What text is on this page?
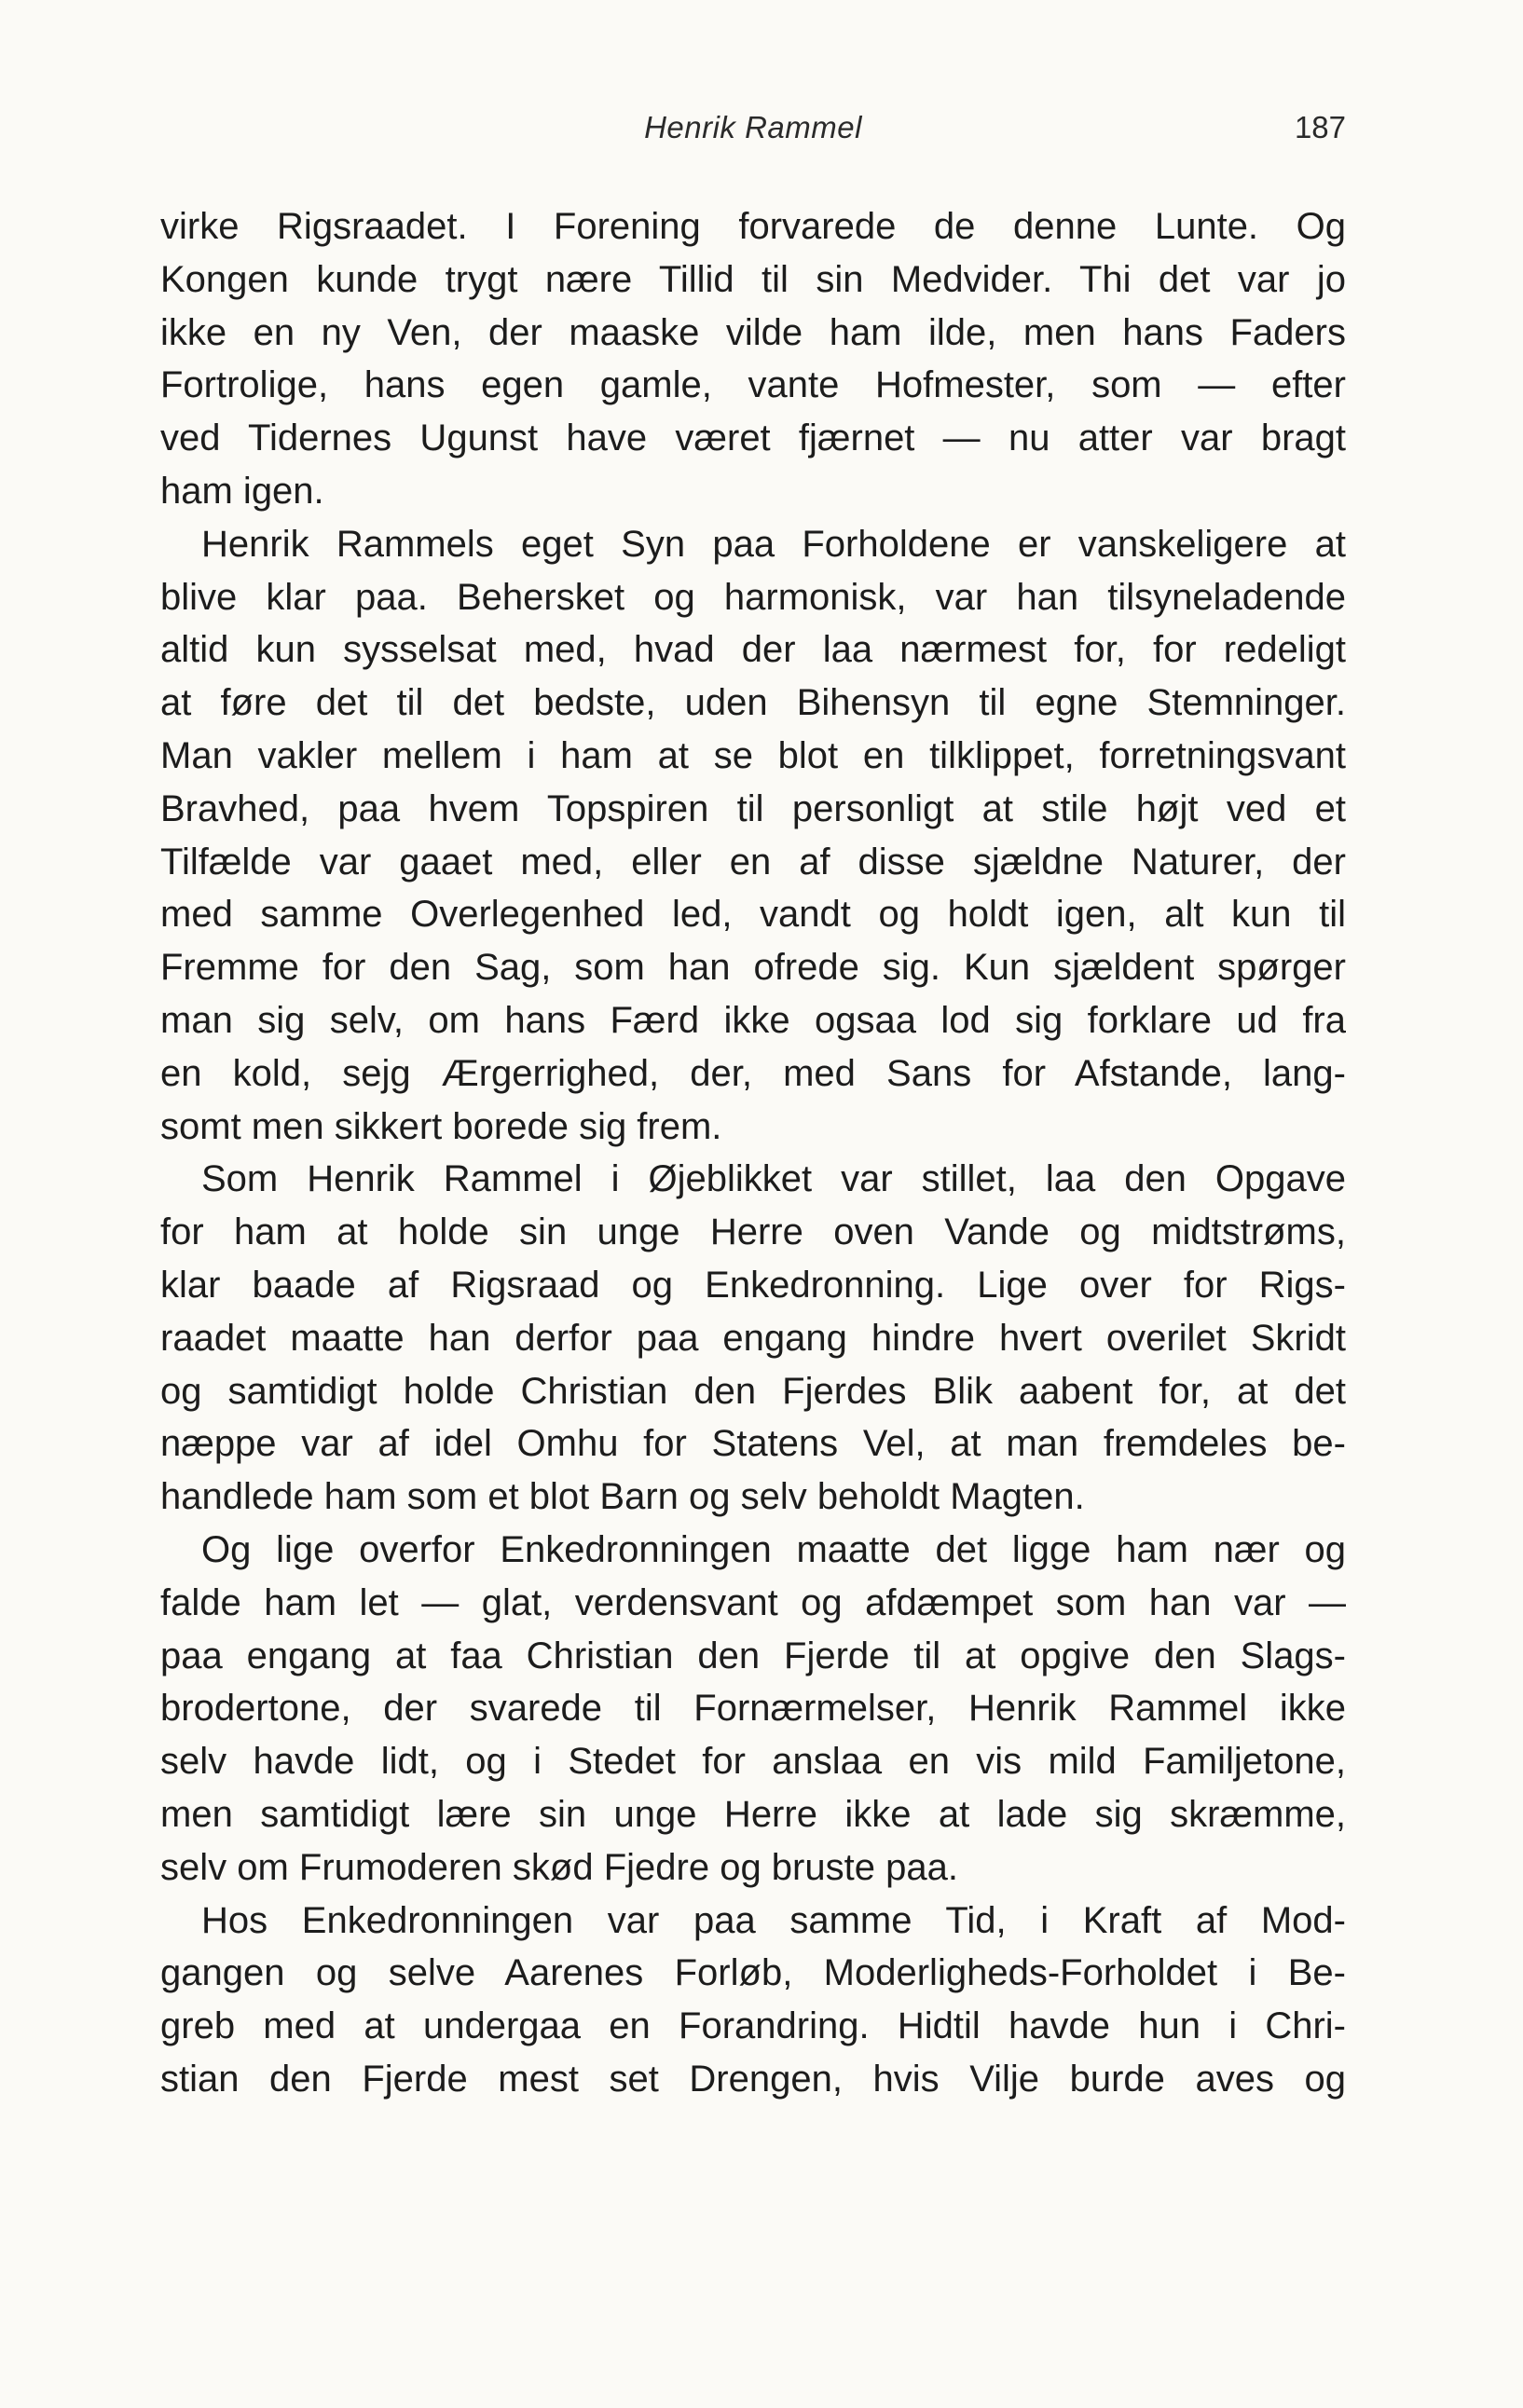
Henrik Rammel	187
virke Rigsraadet. I Forening forvarede de denne Lunte. Og
Kongen kunde trygt nære Tillid til sin Medvider. Thi det var jo
ikke en ny Ven, der maaske vilde ham ilde, men hans Faders
Fortrolige, hans egen gamle, vante Hofmester, som — efter
ved Tidernes Ugunst have været fjærnet — nu atter var bragt
ham igen.
Henrik Rammels eget Syn paa Forholdene er vanskeligere at
blive klar paa. Behersket og harmonisk, var han tilsyneladende
altid kun sysselsat med, hvad der laa nærmest for, for redeligt
at føre det til det bedste, uden Bihensyn til egne Stemninger.
Man vakler mellem i ham at se blot en tilklippet, forretningsvant
Bravhed, paa hvem Topspiren til personligt at stile højt ved et
Tilfælde var gaaet med, eller en af disse sjældne Naturer, der
med samme Overlegenhed led, vandt og holdt igen, alt kun til
Fremme for den Sag, som han ofrede sig. Kun sjældent spørger
man sig selv, om hans Færd ikke ogsaa lod sig forklare ud fra
en kold, sejg Ærgerrighed, der, med Sans for Afstande, lang-
somt men sikkert borede sig frem.
Som Henrik Rammel i Øjeblikket var stillet, laa den Opgave
for ham at holde sin unge Herre oven Vande og midtstrøms,
klar baade af Rigsraad og Enkedronning. Lige over for Rigs-
raadet maatte han derfor paa engang hindre hvert overilet Skridt
og samtidigt holde Christian den Fjerdes Blik aabent for, at det
næppe var af idel Omhu for Statens Vel, at man fremdeles be-
handlede ham som et blot Barn og selv beholdt Magten.
Og lige overfor Enkedronningen maatte det ligge ham nær og
falde ham let — glat, verdensvant og afdæmpet som han var —
paa engang at faa Christian den Fjerde til at opgive den Slags-
brodertone, der svarede til Fornærmelser, Henrik Rammel ikke
selv havde lidt, og i Stedet for anslaa en vis mild Familjetone,
men samtidigt lære sin unge Herre ikke at lade sig skræmme,
selv om Frumoderen skød Fjedre og bruste paa.
Hos Enkedronningen var paa samme Tid, i Kraft af Mod-
gangen og selve Aarenes Forløb, Moderligheds-Forholdet i Be-
greb med at undergaa en Forandring. Hidtil havde hun i Chri-
stian den Fjerde mest set Drengen, hvis Vilje burde aves og
